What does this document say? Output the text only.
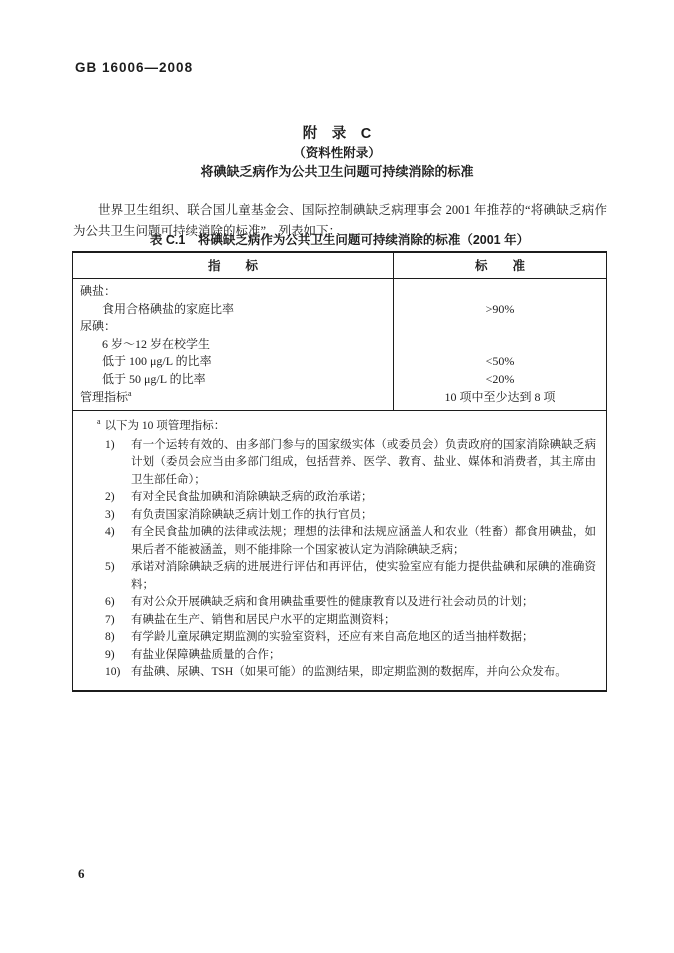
GB 16006—2008
附　录　C
（资料性附录）
将碘缺乏病作为公共卫生问题可持续消除的标准

世界卫生组织、联合国儿童基金会、国际控制碘缺乏病理事会 2001 年推荐的“将碘缺乏病作为公共卫生问题可持续消除的标准”，列表如下：

表 C.1　将碘缺乏病作为公共卫生问题可持续消除的标准（2001 年）
指　　标	标　　准
碘盐：
食用合格碘盐的家庭比率	>90%
尿碘：
6 岁～12 岁在校学生
低于 100 μg/L 的比率	<50%
低于 50 μg/L 的比率	<20%
管理指标$^a$	10 项中至少达到 8 项
$^a$ 以下为 10 项管理指标：
1)	有一个运转有效的、由多部门参与的国家级实体（或委员会）负责政府的国家消除碘缺乏病计划（委员会应当由多部门组成，包括营养、医学、教育、盐业、媒体和消费者，其主席由卫生部任命）；
2)	有对全民食盐加碘和消除碘缺乏病的政治承诺；
3)	有负责国家消除碘缺乏病计划工作的执行官员；
4)	有全民食盐加碘的法律或法规；理想的法律和法规应涵盖人和农业（牲畜）都食用碘盐，如果后者不能被涵盖，则不能排除一个国家被认定为消除碘缺乏病；
5)	承诺对消除碘缺乏病的进展进行评估和再评估，使实验室应有能力提供盐碘和尿碘的准确资料；
6)	有对公众开展碘缺乏病和食用碘盐重要性的健康教育以及进行社会动员的计划；
7)	有碘盐在生产、销售和居民户水平的定期监测资料；
8)	有学龄儿童尿碘定期监测的实验室资料，还应有来自高危地区的适当抽样数据；
9)	有盐业保障碘盐质量的合作；
10) 有盐碘、尿碘、TSH（如果可能）的监测结果，即定期监测的数据库，并向公众发布。
6
